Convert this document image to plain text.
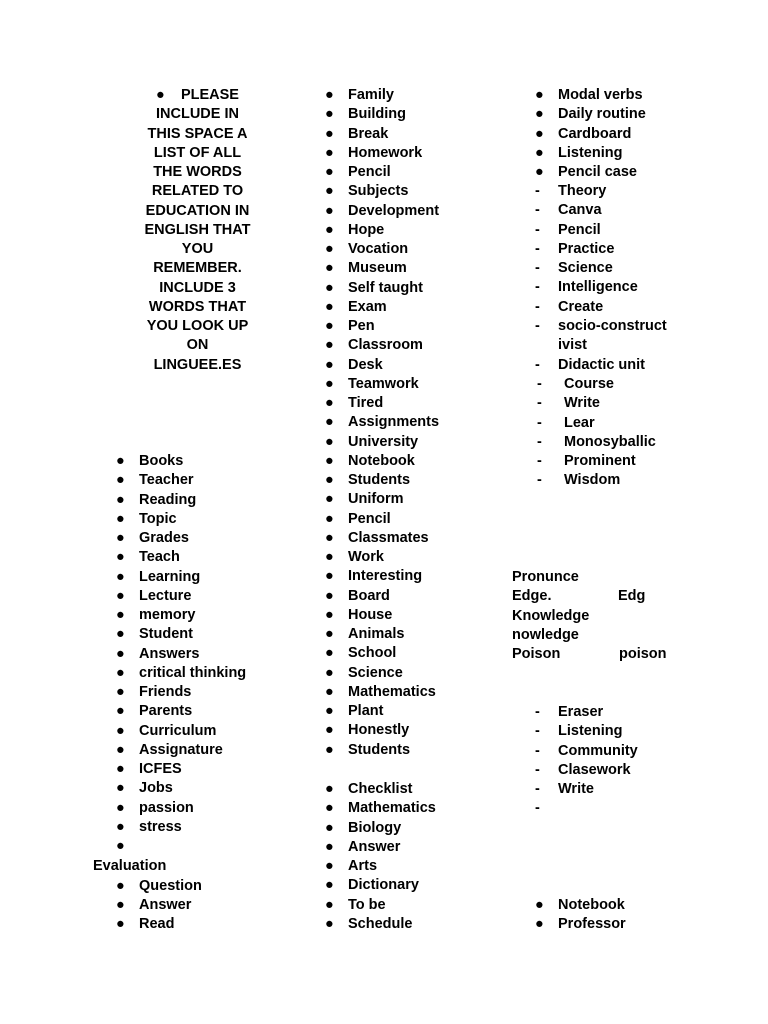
● PLEASE
INCLUDE IN
THIS SPACE A
LIST OF ALL
THE WORDS
RELATED TO
EDUCATION IN
ENGLISH THAT
YOU
REMEMBER.
INCLUDE 3
WORDS THAT
YOU LOOK UP
ON
LINGUEE.ES
● Books
● Teacher
● Reading
● Topic
● Grades
● Teach
● Learning
● Lecture
● memory
● Student
● Answers
● critical thinking
● Friends
● Parents
● Curriculum
● Assignature
● ICFES
● Jobs
● passion
● stress
●
Evaluation
● Question
● Answer
● Read
● Family
● Building
● Break
● Homework
● Pencil
● Subjects
● Development
● Hope
● Vocation
● Museum
● Self taught
● Exam
● Pen
● Classroom
● Desk
● Teamwork
● Tired
● Assignments
● University
● Notebook
● Students
● Uniform
● Pencil
● Classmates
● Work
● Interesting
● Board
● House
● Animals
● School
● Science
● Mathematics
● Plant
● Honestly
● Students
● Checklist
● Mathematics
● Biology
● Answer
● Arts
● Dictionary
● To be
● Schedule
● Modal verbs
● Daily routine
● Cardboard
● Listening
● Pencil case
- Theory
- Canva
- Pencil
- Practice
- Science
- Intelligence
- Create
- socio-construct
ivist
- Didactic unit
- Course
- Write
- Lear
- Monosyballic
- Prominent
- Wisdom
Pronunce
Edge.	Edg
Knowledge
nowledge
Poison	poison
- Eraser
- Listening
- Community
- Clasework
- Write
-
● Notebook
● Professor
